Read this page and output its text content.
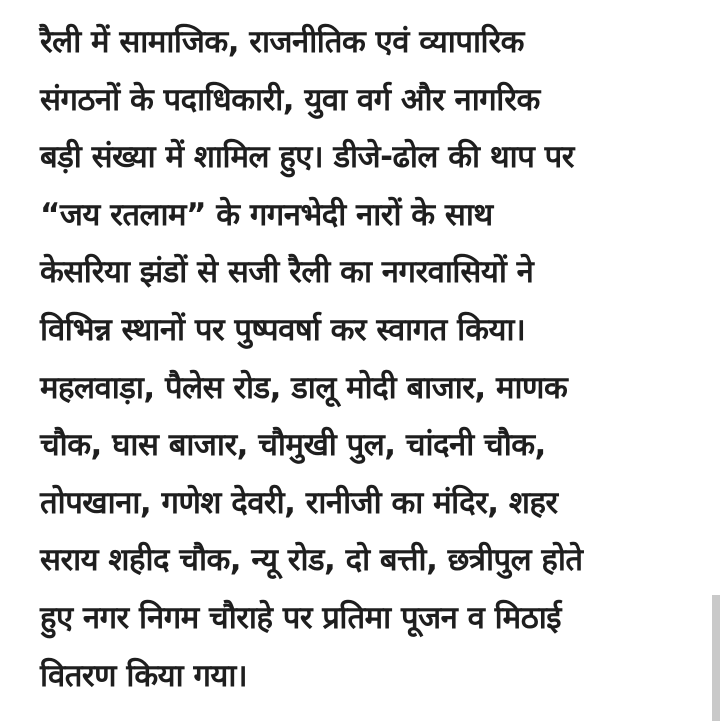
रैली में सामाजिक, राजनीतिक एवं व्यापारिक
संगठनों के पदाधिकारी, युवा वर्ग और नागरिक
बड़ी संख्या में शामिल हुए। डीजे-ढोल की थाप पर
“जय रतलाम” के गगनभेदी नारों के साथ
केसरिया झंडों से सजी रैली का नगरवासियों ने
विभिन्न स्थानों पर पुष्पवर्षा कर स्वागत किया।
महलवाड़ा, पैलेस रोड, डालू मोदी बाजार, माणक
चौक, घास बाजार, चौमुखी पुल, चांदनी चौक,
तोपखाना, गणेश देवरी, रानीजी का मंदिर, शहर
सराय शहीद चौक, न्यू रोड, दो बत्ती, छत्रीपुल होते
हुए नगर निगम चौराहे पर प्रतिमा पूजन व मिठाई
वितरण किया गया।
